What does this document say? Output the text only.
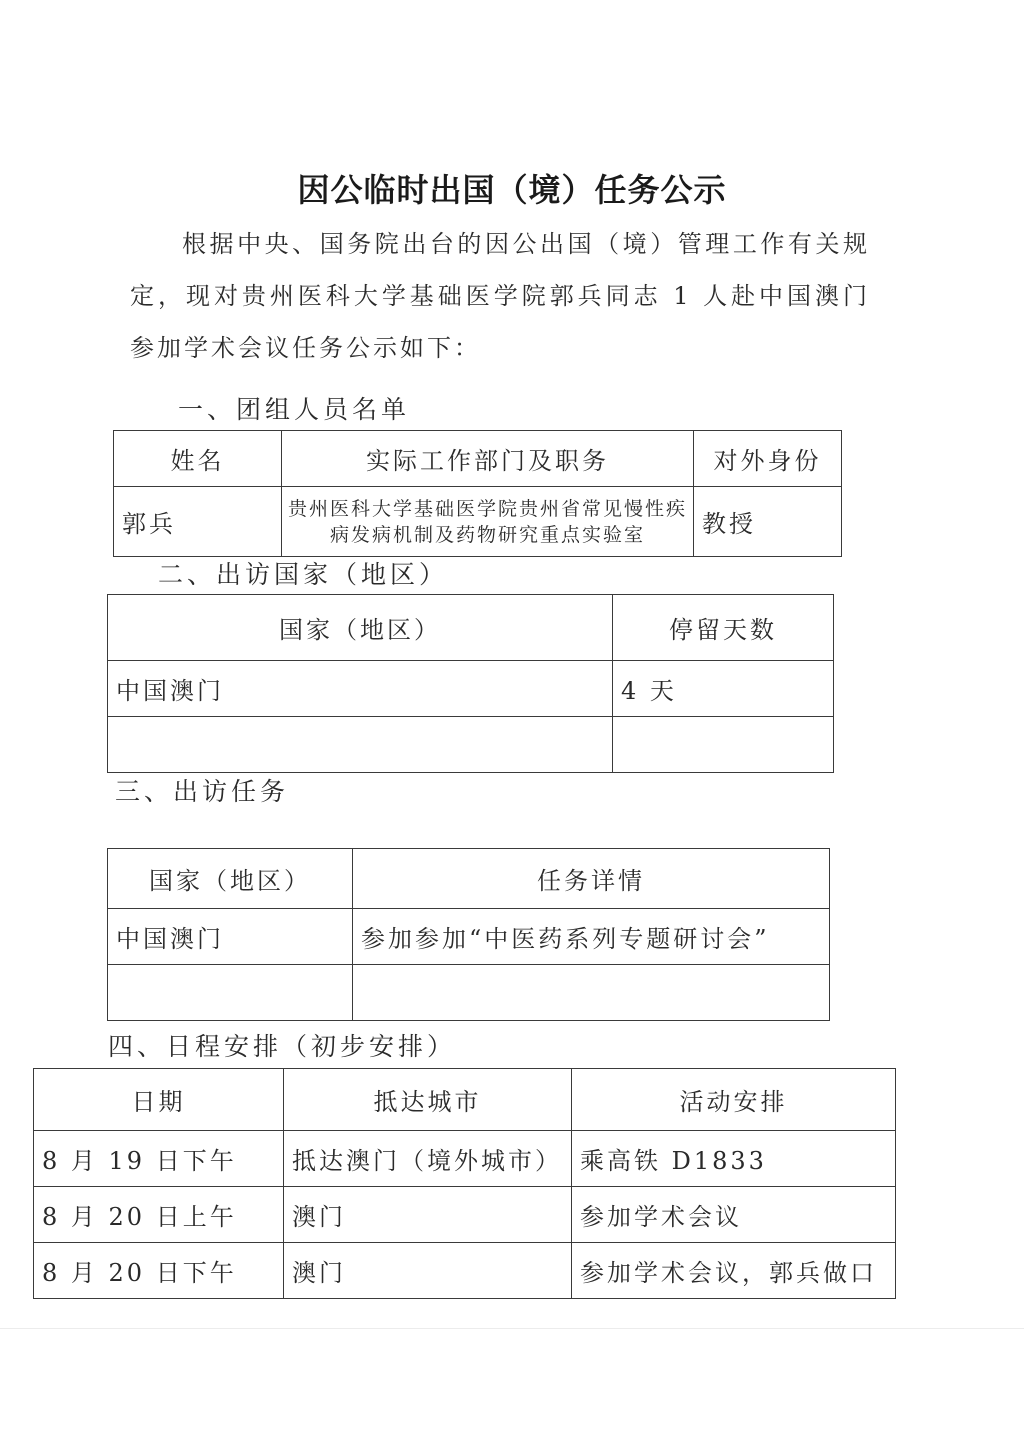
因公临时出国（境）任务公示
根据中央、国务院出台的因公出国（境）管理工作有关规定，现对贵州医科大学基础医学院郭兵同志 1 人赴中国澳门参加学术会议任务公示如下：
一、团组人员名单
姓名	实际工作部门及职务	对外身份
郭兵	贵州医科大学基础医学院贵州省常见慢性疾病发病机制及药物研究重点实验室	教授
二、出访国家（地区）
国家（地区）	停留天数
中国澳门	4 天

三、出访任务
国家（地区）	任务详情
中国澳门	参加参加“中医药系列专题研讨会”

四、日程安排（初步安排）
日期	抵达城市	活动安排
8 月 19 日下午	抵达澳门（境外城市）	乘高铁 D1833
8 月 20 日上午	澳门	参加学术会议
8 月 20 日下午	澳门	参加学术会议，郭兵做口
